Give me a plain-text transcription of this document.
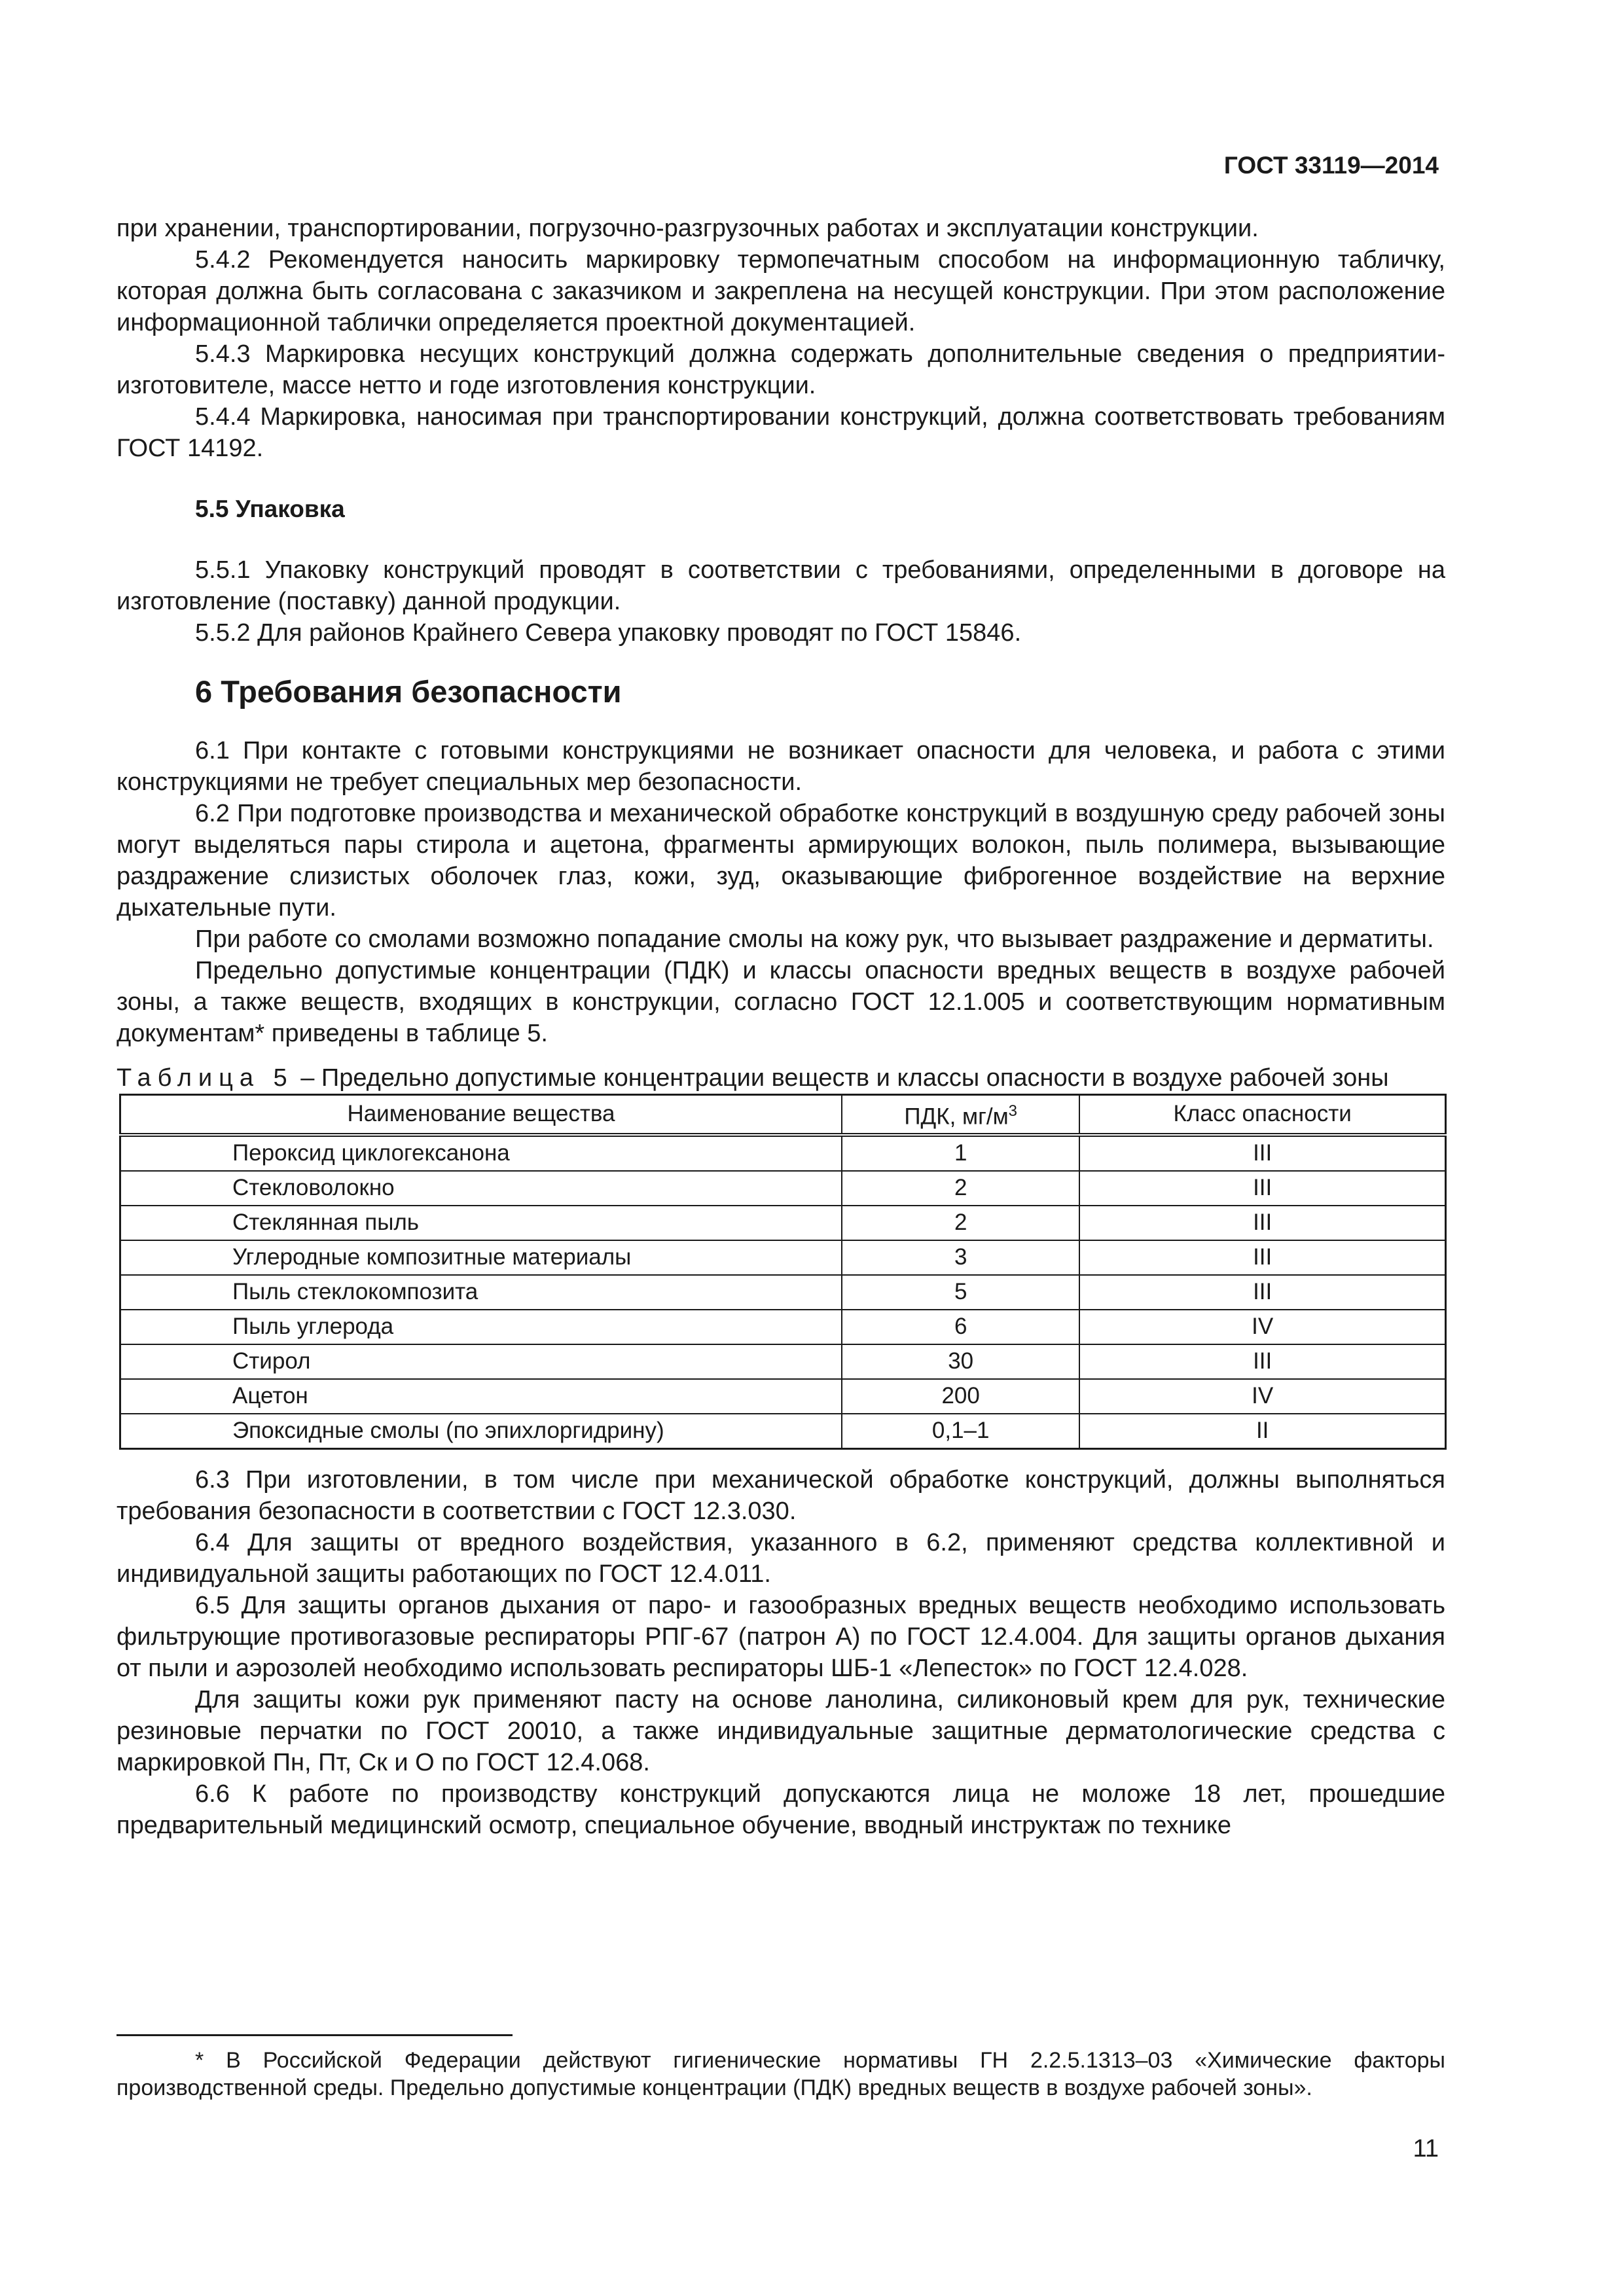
ГОСТ 33119—2014

при хранении, транспортировании, погрузочно-разгрузочных работах и эксплуатации конструкции.

5.4.2 Рекомендуется наносить маркировку термопечатным способом на информационную табличку, которая должна быть согласована с заказчиком и закреплена на несущей конструкции. При этом расположение информационной таблички определяется проектной документацией.

5.4.3 Маркировка несущих конструкций должна содержать дополнительные сведения о предприятии-изготовителе, массе нетто и годе изготовления конструкции.

5.4.4 Маркировка, наносимая при транспортировании конструкций, должна соответствовать требованиям ГОСТ 14192.

5.5 Упаковка

5.5.1 Упаковку конструкций проводят в соответствии с требованиями, определенными в договоре на изготовление (поставку) данной продукции.

5.5.2 Для районов Крайнего Севера упаковку проводят по ГОСТ 15846.

6 Требования безопасности

6.1 При контакте с готовыми конструкциями не возникает опасности для человека, и работа с этими конструкциями не требует специальных мер безопасности.

6.2 При подготовке производства и механической обработке конструкций в воздушную среду рабочей зоны могут выделяться пары стирола и ацетона, фрагменты армирующих волокон, пыль полимера, вызывающие раздражение слизистых оболочек глаз, кожи, зуд, оказывающие фиброгенное воздействие на верхние дыхательные пути.

При работе со смолами возможно попадание смолы на кожу рук, что вызывает раздражение и дерматиты.

Предельно допустимые концентрации (ПДК) и классы опасности вредных веществ в воздухе рабочей зоны, а также веществ, входящих в конструкции, согласно ГОСТ 12.1.005 и соответствующим нормативным документам* приведены в таблице 5.

Таблица 5 – Предельно допустимые концентрации веществ и классы опасности в воздухе рабочей зоны

Наименование вещества	ПДК, $мг/м^3$	Класс опасности
Пероксид циклогексанона	1	III
Стекловолокно	2	III
Стеклянная пыль	2	III
Углеродные композитные материалы	3	III
Пыль стеклокомпозита	5	III
Пыль углерода	6	IV
Стирол	30	III
Ацетон	200	IV
Эпоксидные смолы (по эпихлоргидрину)	0,1–1	II

6.3 При изготовлении, в том числе при механической обработке конструкций, должны выполняться требования безопасности в соответствии с ГОСТ 12.3.030.

6.4 Для защиты от вредного воздействия, указанного в 6.2, применяют средства коллективной и индивидуальной защиты работающих по ГОСТ 12.4.011.

6.5 Для защиты органов дыхания от паро- и газообразных вредных веществ необходимо использовать фильтрующие противогазовые респираторы РПГ-67 (патрон А) по ГОСТ 12.4.004. Для защиты органов дыхания от пыли и аэрозолей необходимо использовать респираторы ШБ-1 «Лепесток» по ГОСТ 12.4.028.

Для защиты кожи рук применяют пасту на основе ланолина, силиконовый крем для рук, технические резиновые перчатки по ГОСТ 20010, а также индивидуальные защитные дерматологические средства с маркировкой Пн, Пт, Ск и О по ГОСТ 12.4.068.

6.6 К работе по производству конструкций допускаются лица не моложе 18 лет, прошедшие предварительный медицинский осмотр, специальное обучение, вводный инструктаж по технике

* В Российской Федерации действуют гигиенические нормативы ГН 2.2.5.1313–03 «Химические факторы производственной среды. Предельно допустимые концентрации (ПДК) вредных веществ в воздухе рабочей зоны».

11
